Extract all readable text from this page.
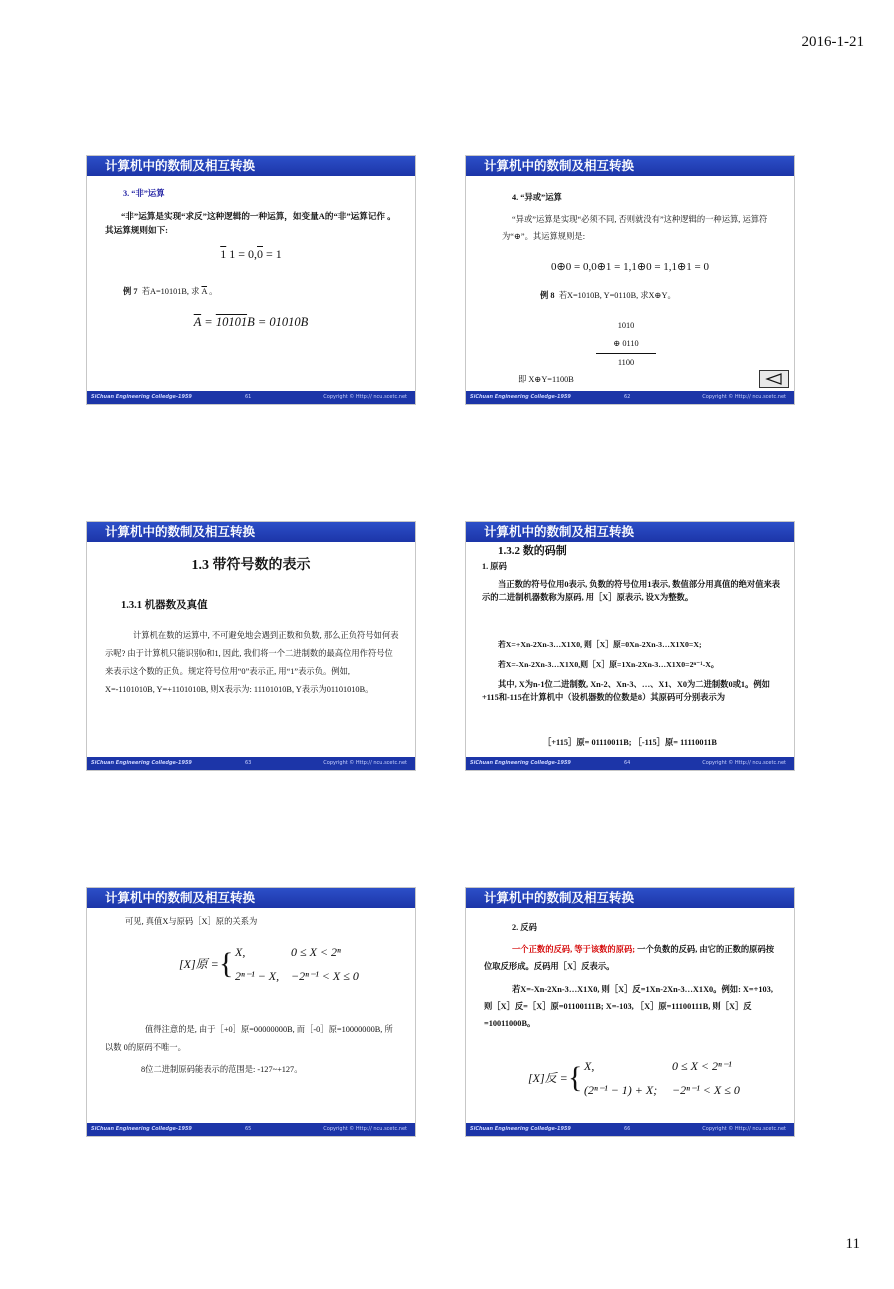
2016-1-21
计算机中的数制及相互转换
3. “非”运算
“非”运算是实现“求反”这种逻辑的一种运算，如变量A的“非”运算记作 。其运算规则如下:
1 1 = 0,0 = 1
例 7 若A=10101B, 求 $\overline{A}$ 。
$\overline{A} = 10101B = 01010B$
SiChuan Engineering Colledge-1959	61	Copyright © Http:// ncu.scetc.net
计算机中的数制及相互转换
4. “异或”运算
“异或”运算是实现“必须不同, 否则就没有”这种逻辑的一种运算, 运算符为“⊕”。其运算规则是:
0⊕0 = 0,0⊕1 = 1,1⊕0 = 1,1⊕1 = 0
例 8 若X=1010B, Y=0110B, 求X⊕Y。
1010
⊕ 0110
1100
即 X⊕Y=1100B
SiChuan Engineering Colledge-1959	62	Copyright © Http:// ncu.scetc.net
计算机中的数制及相互转换
1.3 带符号数的表示
1.3.1 机器数及真值
计算机在数的运算中, 不可避免地会遇到正数和负数, 那么正负符号如何表示呢? 由于计算机只能识别0和1, 因此, 我们将一个二进制数的最高位用作符号位来表示这个数的正负。规定符号位用“0”表示正, 用“1”表示负。例如, X=-1101010B, Y=+1101010B, 则X表示为: 11101010B, Y表示为01101010B。
SiChuan Engineering Colledge-1959	63	Copyright © Http:// ncu.scetc.net
计算机中的数制及相互转换
1.3.2 数的码制
1. 原码
当正数的符号位用0表示, 负数的符号位用1表示, 数值部分用真值的绝对值来表示的二进制机器数称为原码, 用［X］原表示, 设X为整数。
若X=+Xn-2Xn-3…X1X0, 则［X］原=0Xn-2Xn-3…X1X0=X;
若X=-Xn-2Xn-3…X1X0,则［X］原=1Xn-2Xn-3…X1X0=2ⁿ⁻¹-X。
其中, X为n-1位二进制数, Xn-2、Xn-3、…、X1、X0为二进制数0或1。例如+115和-115在计算机中（设机器数的位数是8）其原码可分别表示为
［+115］原= 01110011B; ［-115］原= 11110011B
SiChuan Engineering Colledge-1959	64	Copyright © Http:// ncu.scetc.net
计算机中的数制及相互转换
可见, 真值X与原码［X］原的关系为
[X]原 = { X,	0 ≤ X < 2ⁿ
2ⁿ⁻¹ − X, −2ⁿ⁻¹ < X ≤ 0
值得注意的是, 由于［+0］原=00000000B, 而［-0］原=10000000B, 所以数 0的原码不唯一。
8位二进制原码能表示的范围是: -127~+127。
SiChuan Engineering Colledge-1959	65	Copyright © Http:// ncu.scetc.net
计算机中的数制及相互转换
2. 反码
一个正数的反码, 等于该数的原码; 一个负数的反码, 由它的正数的原码按位取反形成。反码用［X］反表示。
若X=-Xn-2Xn-3…X1X0, 则［X］反=1Xn-2Xn-3…X1X0。例如: X=+103, 则［X］反=［X］原=01100111B; X=-103, ［X］原=11100111B, 则［X］反=10011000B。
[X]反 = { X,	0 ≤ X < 2ⁿ⁻¹
(2ⁿ⁻¹ − 1) + X; −2ⁿ⁻¹ < X ≤ 0
SiChuan Engineering Colledge-1959	66	Copyright © Http:// ncu.scetc.net
11
